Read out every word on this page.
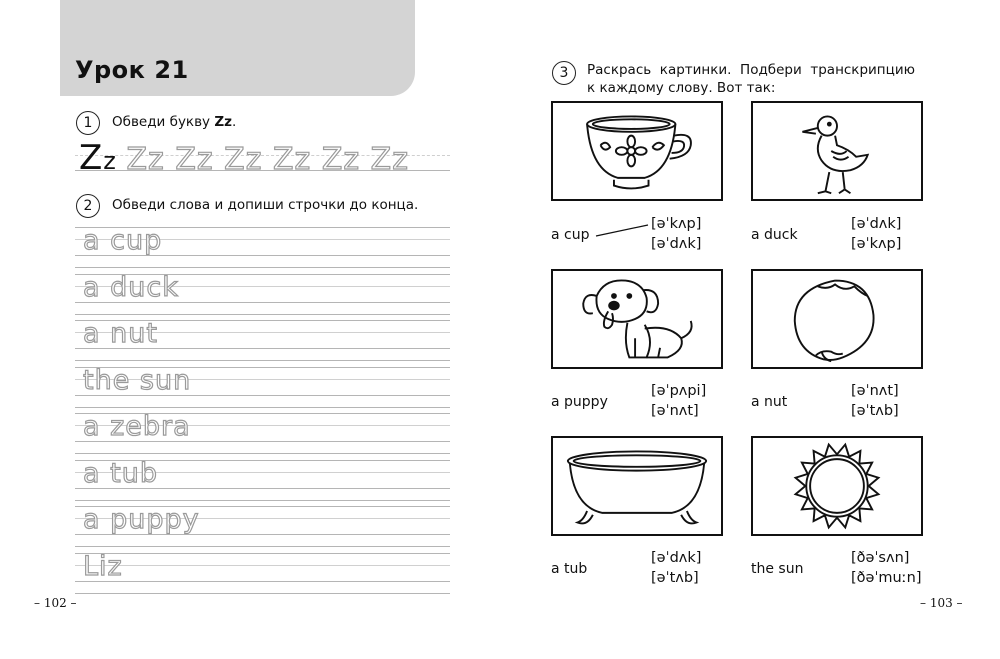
Урок 21
1	Обведи букву Zz.
Zz Zz Zz Zz Zz Zz Zz
2	Обведи слова и допиши строчки до конца.
a cup
a duck
a nut
the sun
a zebra
a tub
a puppy
Liz
– 102 –
3	Раскрась  картинки.  Подбери  транскрипцию
к каждому слову. Вот так:
a cup
[əˈkʌp]
[əˈdʌk]
a duck
[əˈdʌk]
[əˈkʌp]
a puppy
[əˈpʌpi]
[əˈnʌt]
a nut
[əˈnʌt]
[əˈtʌb]
a tub
[əˈdʌk]
[əˈtʌb]
the sun
[ðəˈsʌn]
[ðəˈmuːn]
– 103 –
